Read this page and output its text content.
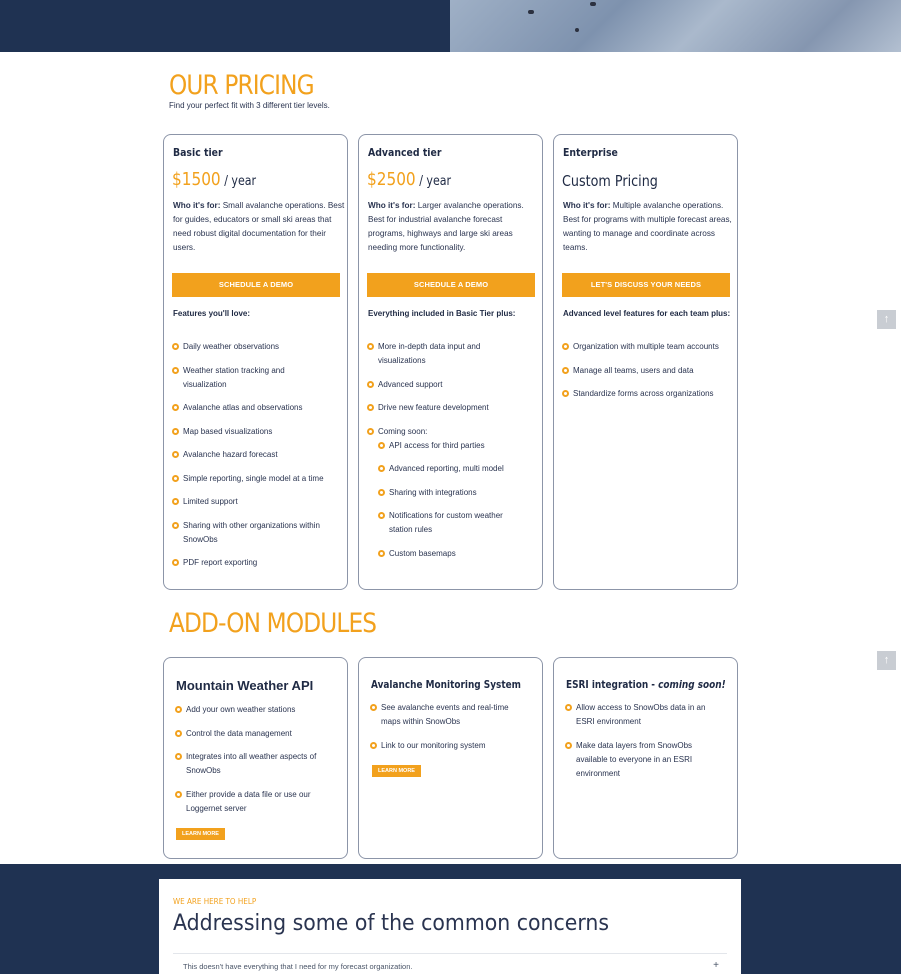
OUR PRICING
Find your perfect fit with 3 different tier levels.
Basic tier
$1500 / year
Who it's for: Small avalanche operations. Best for guides, educators or small ski areas that need robust digital documentation for their users.
SCHEDULE A DEMO
Features you'll love:
Daily weather observations
Weather station tracking and visualization
Avalanche atlas and observations
Map based visualizations
Avalanche hazard forecast
Simple reporting, single model at a time
Limited support
Sharing with other organizations within SnowObs
PDF report exporting
Advanced tier
$2500 / year
Who it's for: Larger avalanche operations. Best for industrial avalanche forecast programs, highways and large ski areas needing more functionality.
SCHEDULE A DEMO
Everything included in Basic Tier plus:
More in-depth data input and visualizations
Advanced support
Drive new feature development
Coming soon:
API access for third parties
Advanced reporting, multi model
Sharing with integrations
Notifications for custom weather station rules
Custom basemaps
Enterprise
Custom Pricing
Who it's for: Multiple avalanche operations. Best for programs with multiple forecast areas, wanting to manage and coordinate across teams.
LET'S DISCUSS YOUR NEEDS
Advanced level features for each team plus:
Organization with multiple team accounts
Manage all teams, users and data
Standardize forms across organizations
↑
↑
ADD-ON MODULES
Mountain Weather API
Add your own weather stations
Control the data management
Integrates into all weather aspects of SnowObs
Either provide a data file or use our Loggernet server
LEARN MORE
Avalanche Monitoring System
See avalanche events and real-time maps within SnowObs
Link to our monitoring system
LEARN MORE
ESRI integration - coming soon!
Allow access to SnowObs data in an ESRI environment
Make data layers from SnowObs available to everyone in an ESRI environment
WE ARE HERE TO HELP
Addressing some of the common concerns
This doesn't have everything that I need for my forecast organization.	+
